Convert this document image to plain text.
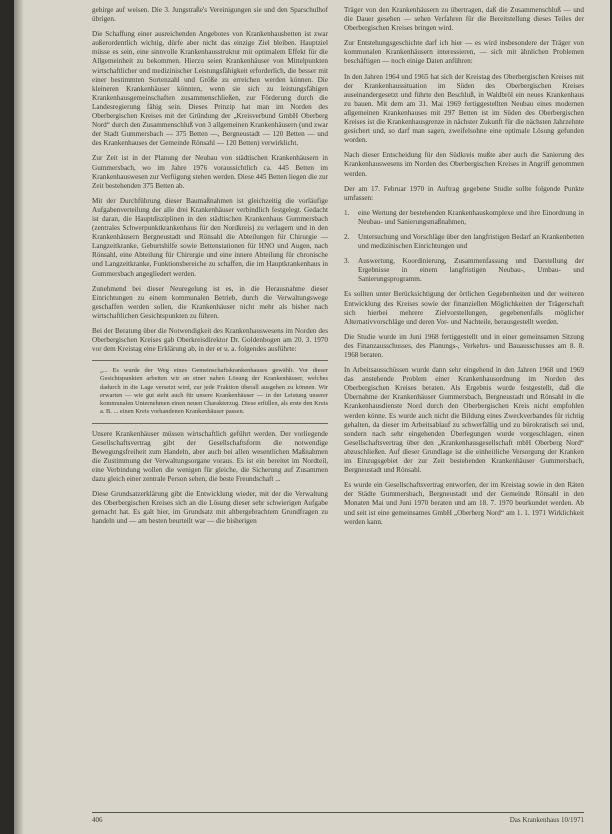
gebirge auf weisen. Die 3. Jungstraße's Vereinigungen sie und den Sparschulhof übrigen.

Die Schaffung einer ausreichenden Angebotes von Krankenhausbetten ist zwar außerordentlich wichtig, dürfe aber nicht das einzige Ziel bleiben. Hauptziel müsse es sein, eine sinnvolle Krankenhausstruktur mit optimalem Effekt für die Allgemeinheit zu bekommen. Hierzu seien Krankenhäuser von Mittelpunkten wirtschaftlicher und medizinischer Leistungsfähigkeit erforderlich, die besser mit einer bestimmten Sortenzahl und Größe zu erreichen werden können. Die kleineren Krankenhäuser könnten, wenn sie sich zu leistungsfähigen Krankenhausgemeinschaften zusammenschließen, zur Förderung durch die Landesregierung fähig sein. Dieses Prinzip hat man im Norden des Oberbergischen Kreises mit der Gründung der „Kreisverbund GmbH Oberberg Nord“ durch den Zusammenschluß von 3 allgemeinen Krankenhäusern (und zwar der Stadt Gummersbach — 375 Betten —, Bergneustadt — 120 Betten — und des Krankenhauses der Gemeinde Rönsahl — 120 Betten) verwirklicht.

Zur Zeit ist in der Planung der Neubau von städtischen Krankenhäusern in Gummersbach, wo im Jahre 1976 voraussichtlich ca. 445 Betten im Krankenhauswesen zur Verfügung stehen werden. Diese 445 Betten liegen die zur Zeit bestehenden 375 Betten ab.

Mit der Durchführung dieser Baumaßnahmen ist gleichzeitig die vorläufige Aufgabenverteilung der alle drei Krankenhäuser verbindlich festgelegt. Gedacht ist daran, die Hauptdisziplinen in den städtischen Krankenhaus Gummersbach (zentrales Schwerpunktkrankenhaus für den Nordkreis) zu verlagern und in den Krankenhäusern Bergneustadt und Rönsahl die Abteilungen für Chirurgie — Langzeitkranke, Geburtshilfe sowie Bettenstationen für HNO und Augen, nach Rönsahl, eine Abteilung für Chirurgie und eine innere Abteilung für chronische und Langzeitkranke, Funktionsbereiche zu schaffen, die im Hauptkrankenhaus in Gummersbach angegliedert werden.

Zunehmend bei dieser Neuregelung ist es, in die Herausnahme dieser Einrichtungen zu einem kommunalen Betrieb, durch die Verwaltungswege geschaffen werden sollen, die Krankenhäuser nicht mehr als bisher nach wirtschaftlichen Gesichtspunkten zu führen.

Bei der Beratung über die Notwendigkeit des Krankenhauswesens im Norden des Oberbergischen Kreises gab Oberkreisdirektor Dr. Goldenbogen am 20. 3. 1970 vor dem Kreistag eine Erklärung ab, in der er u. a. folgendes ausführte:

„... Es wurde der Weg eines Gemeinschaftskrankenhauses gewählt. Vor dieser Gesichtspunkten arbeiten wir an einer nahen Lösung der Krankenhäuser, welches dadurch in die Lage versetzt wird, zur jede Fraktion überall ausgehen zu können. Wir erwarten — wie gut steht auch für unsere Krankenhäuser — in der Leistung unserer kommunalen Unternehmen einen neuen Charakterzug. Diese erfüllen, als erste den Kreis a. B. ... einen Kreis vorhandenen Krankenhäuser passen.

Unsere Krankenhäuser müssen wirtschaftlich geführt werden. Der vorliegende Gesellschaftsvertrag gibt der Gesellschaftsform die notwendige Bewegungsfreiheit zum Handeln, aber auch bei allen wesentlichen Maßnahmen die Zustimmung der Verwaltungsorgane voraus. Es ist ein bereitet im Nordteil, eine Verbindung wollen die wenigen für gleiche, die Sicherung auf Zusammen dazu gleich einer zentrale Person sehen, die beste Freundschaft ...

Diese Grundsatzerklärung gibt die Entwicklung wieder, mit der die Verwaltung des Oberbergischen Kreises sich an die Lösung dieser sehr schwierigen Aufgabe gemacht hat. Es galt hier, im Grundsatz mit altbergebrachtem Grundfragen zu handeln und — am besten beurteilt war — die bisherigen

Träger von den Krankenhäusern zu übertragen, daß die Zusammenschluß — und die Dauer gesehen — sehen Verfahren für die Bereitstellung dieses Teiles der Oberbergischen Kreises bringen wird.

Zur Entstehungsgeschichte darf ich hier — es wird insbesondere der Träger von kommunalen Krankenhäusern interessieren, — sich mit ähnlichen Problemen beschäftigen — noch einige Daten anführen:

In den Jahren 1964 und 1965 hat sich der Kreistag des Oberbergischen Kreises mit der Krankenhaussituation im Süden des Oberbergischen Kreises auseinandergesetzt und führte den Beschluß, in Waldbröl ein neues Krankenhaus zu bauen. Mit dem am 31. Mai 1969 fertiggestellten Neubau eines modernen allgemeinen Krankenhauses mit 297 Betten ist im Süden des Oberbergischen Kreises ist die Krankenhausgrenze in nächster Zukunft für die nächsten Jahrzehnte gesichert und, so darf man sagen, zweifelsohne eine optimale Lösung gefunden worden.

Nach dieser Entscheidung für den Südkreis mußte aber auch die Sanierung des Krankenhauswesens im Norden des Oberbergischen Kreises in Angriff genommen werden.

Der am 17. Februar 1970 in Auftrag gegebene Studie sollte folgende Punkte umfassen:

1.	eine Wertung der bestehenden Krankenhauskomplexe und ihre Einordnung in Neubau- und Sanierungsmaßnahmen,
2.	Untersuchung und Vorschläge über den langfristigen Bedarf an Krankenbetten und medizinischen Einrichtungen und
3.	Auswertung, Koordinierung, Zusammenfassung und Darstellung der Ergebnisse in einem langfristigen Neubau-, Umbau- und Sanierungsprogramm.

Es sollten unter Berücksichtigung der örtlichen Gegebenheiten und der weiteren Entwicklung des Kreises sowie der finanziellen Möglichkeiten der Trägerschaft sich hierbei mehrere Zielvorstellungen, gegebenenfalls möglicher Alternativvorschläge und deren Vor- und Nachteile, herausgestellt werden.

Die Studie wurde im Juni 1968 fertiggestellt und in einer gemeinsamen Sitzung des Finanzausschusses, des Planungs-, Verkehrs- und Bauausschusses am 8. 8. 1968 beraten.

In Arbeitsausschüssen wurde dann sehr eingehend in den Jahren 1968 und 1969 das anstehende Problem einer Krankenhausordnung im Norden des Oberbergischen Kreises beraten. Als Ergebnis wurde festgestellt, daß die Übernahme der Krankenhäuser Gummersbach, Bergneustadt und Rönsahl in die Krankenhausdienste Nord durch den Oberbergischen Kreis nicht empfohlen werden könne. Es wurde auch nicht die Bildung eines Zweckverbandes für richtig gehalten, da dieser im Arbeitsablauf zu schwerfällig und zu bürokratisch sei und, sondern nach sehr eingehenden Überlegungen wurde vorgeschlagen, einen Gesellschaftsvertrag über den „Krankenhausgesellschaft mbH Oberberg Nord“ abzuschließen. Auf dieser Grundlage ist die einheitliche Versorgung der Kranken im Einzugsgebiet der zur Zeit bestehenden Krankenhäuser Gummersbach, Bergneustadt und Rönsahl.

Es wurde ein Gesellschaftsvertrag entworfen, der im Kreistag sowie in den Räten der Städte Gummersbach, Bergneustadt und der Gemeinde Rönsahl in den Monaten Mai und Juni 1970 beraten und am 18. 7. 1970 beurkundet werden. Ab und seit ist eine gemeinsames GmbH „Oberberg Nord“ am 1. 1. 1971 Wirklichkeit werden kann.

406	Das Krankenhaus 10/1971
